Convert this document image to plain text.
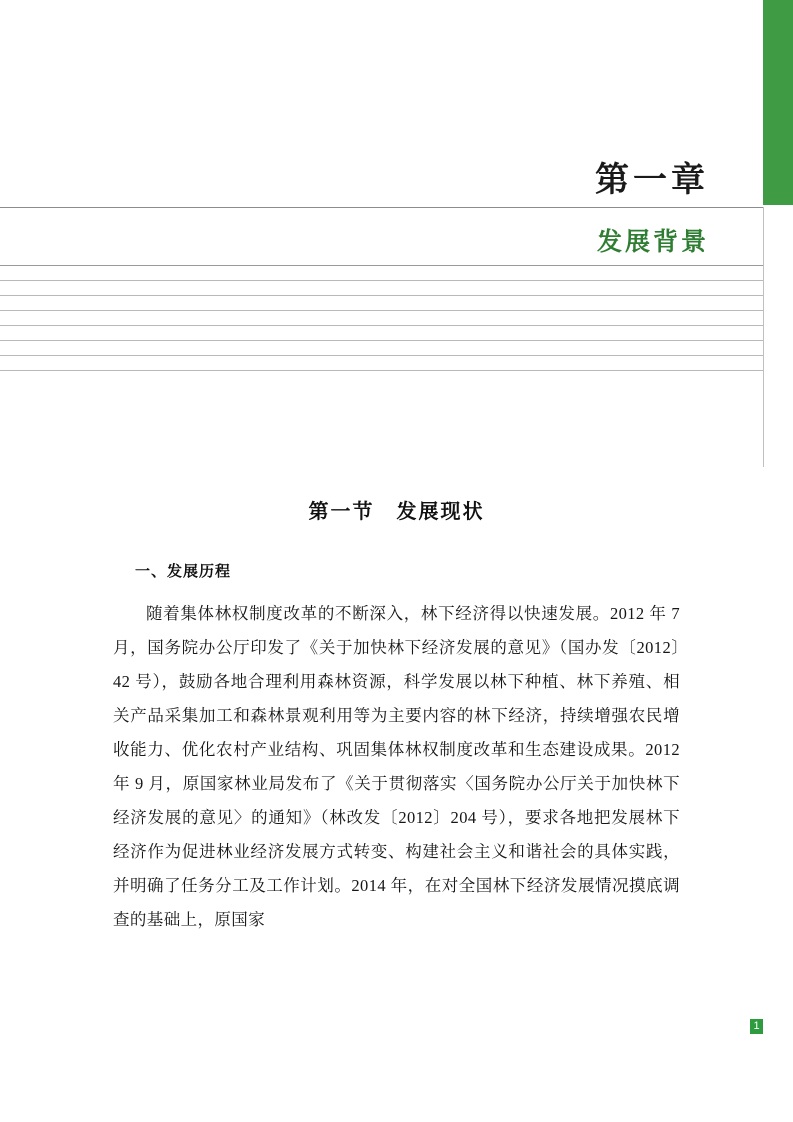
第一章
发展背景
第一节　发展现状
一、发展历程

随着集体林权制度改革的不断深入，林下经济得以快速发展。2012 年 7 月，国务院办公厅印发了《关于加快林下经济发展的意见》（国办发〔2012〕42 号），鼓励各地合理利用森林资源，科学发展以林下种植、林下养殖、相关产品采集加工和森林景观利用等为主要内容的林下经济，持续增强农民增收能力、优化农村产业结构、巩固集体林权制度改革和生态建设成果。2012 年 9 月，原国家林业局发布了《关于贯彻落实〈国务院办公厅关于加快林下经济发展的意见〉的通知》（林改发〔2012〕204 号），要求各地把发展林下经济作为促进林业经济发展方式转变、构建社会主义和谐社会的具体实践，并明确了任务分工及工作计划。2014 年，在对全国林下经济发展情况摸底调查的基础上，原国家

1
